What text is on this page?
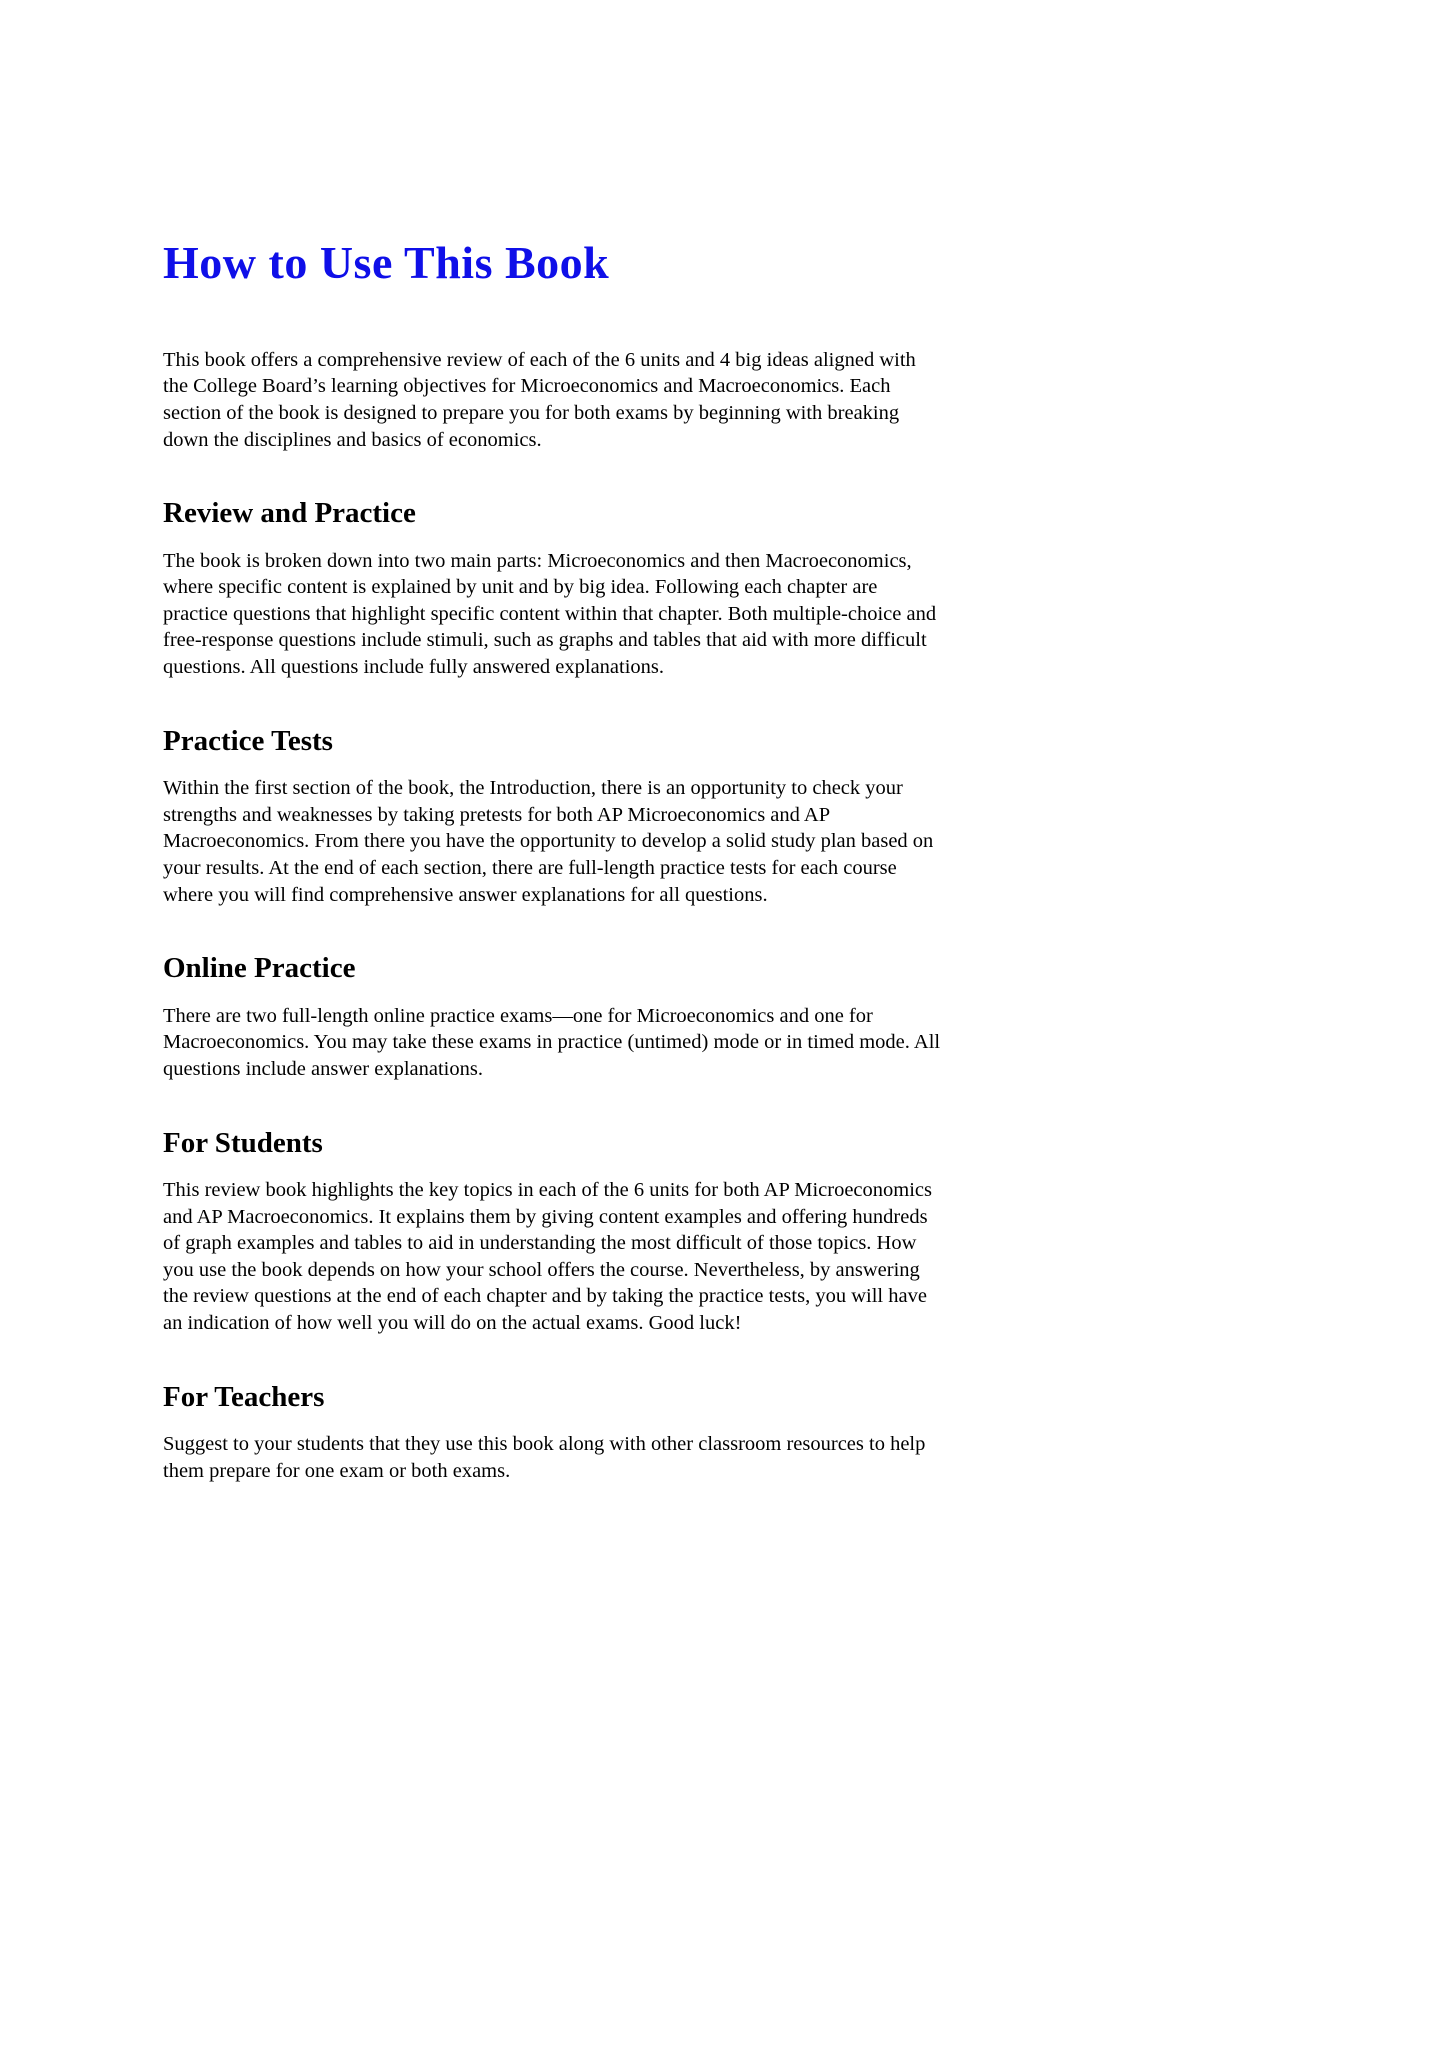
How to Use This Book

This book offers a comprehensive review of each of the 6 units and 4 big ideas aligned with the College Board’s learning objectives for Microeconomics and Macroeconomics. Each section of the book is designed to prepare you for both exams by beginning with breaking down the disciplines and basics of economics.

Review and Practice

The book is broken down into two main parts: Microeconomics and then Macroeconomics, where specific content is explained by unit and by big idea. Following each chapter are practice questions that highlight specific content within that chapter. Both multiple-choice and free-response questions include stimuli, such as graphs and tables that aid with more difficult questions. All questions include fully answered explanations.

Practice Tests

Within the first section of the book, the Introduction, there is an opportunity to check your strengths and weaknesses by taking pretests for both AP Microeconomics and AP Macroeconomics. From there you have the opportunity to develop a solid study plan based on your results. At the end of each section, there are full-length practice tests for each course where you will find comprehensive answer explanations for all questions.

Online Practice

There are two full-length online practice exams—one for Microeconomics and one for Macroeconomics. You may take these exams in practice (untimed) mode or in timed mode. All questions include answer explanations.

For Students

This review book highlights the key topics in each of the 6 units for both AP Microeconomics and AP Macroeconomics. It explains them by giving content examples and offering hundreds of graph examples and tables to aid in understanding the most difficult of those topics. How you use the book depends on how your school offers the course. Nevertheless, by answering the review questions at the end of each chapter and by taking the practice tests, you will have an indication of how well you will do on the actual exams. Good luck!

For Teachers

Suggest to your students that they use this book along with other classroom resources to help them prepare for one exam or both exams.
